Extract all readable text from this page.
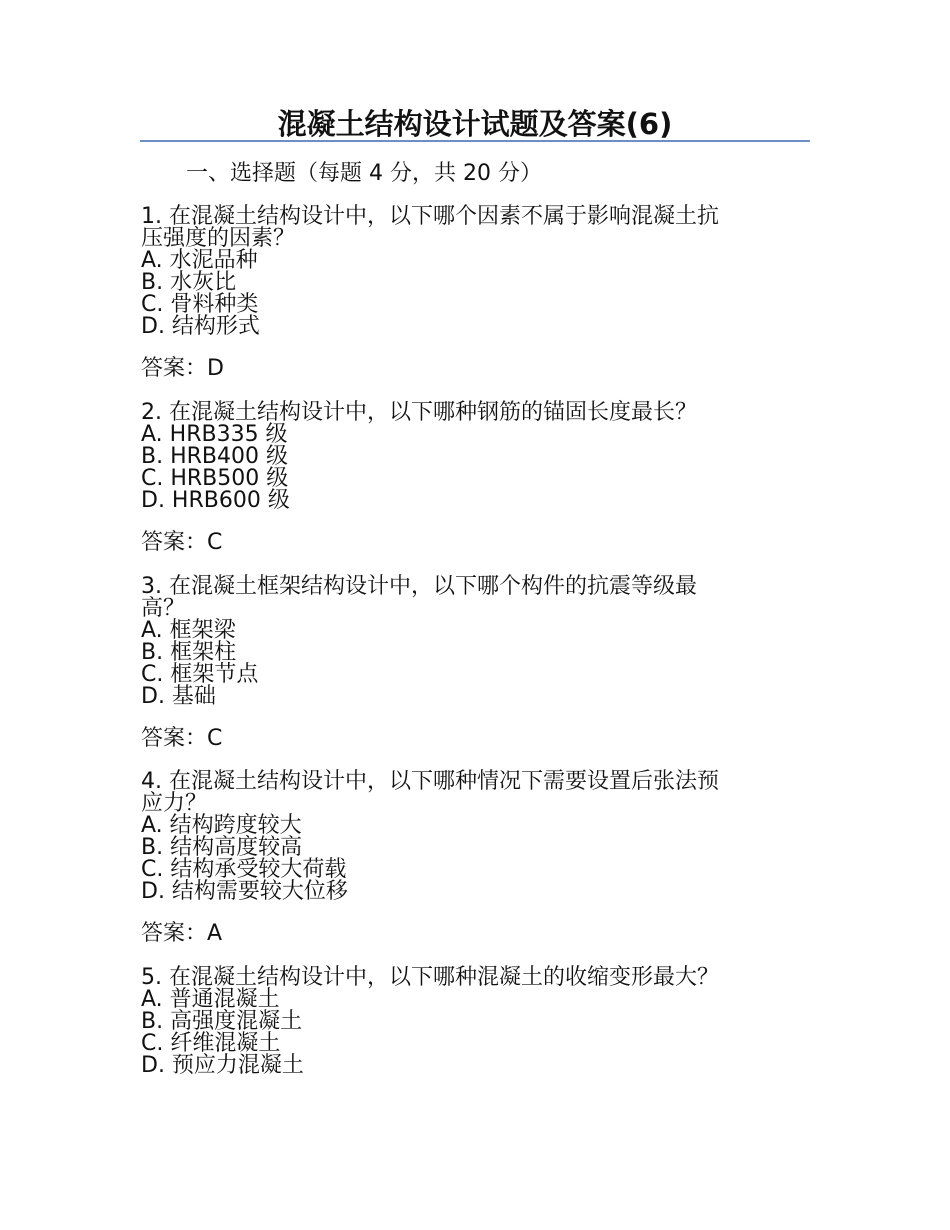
混凝土结构设计试题及答案(6)
一、选择题（每题 4 分，共 20 分）
1. 在混凝土结构设计中，以下哪个因素不属于影响混凝土抗
压强度的因素？
A. 水泥品种
B. 水灰比
C. 骨料种类
D. 结构形式
答案：D
2. 在混凝土结构设计中，以下哪种钢筋的锚固长度最长？
A. HRB335 级
B. HRB400 级
C. HRB500 级
D. HRB600 级
答案：C
3. 在混凝土框架结构设计中，以下哪个构件的抗震等级最
高？
A. 框架梁
B. 框架柱
C. 框架节点
D. 基础
答案：C
4. 在混凝土结构设计中，以下哪种情况下需要设置后张法预
应力？
A. 结构跨度较大
B. 结构高度较高
C. 结构承受较大荷载
D. 结构需要较大位移
答案：A
5. 在混凝土结构设计中，以下哪种混凝土的收缩变形最大？
A. 普通混凝土
B. 高强度混凝土
C. 纤维混凝土
D. 预应力混凝土
